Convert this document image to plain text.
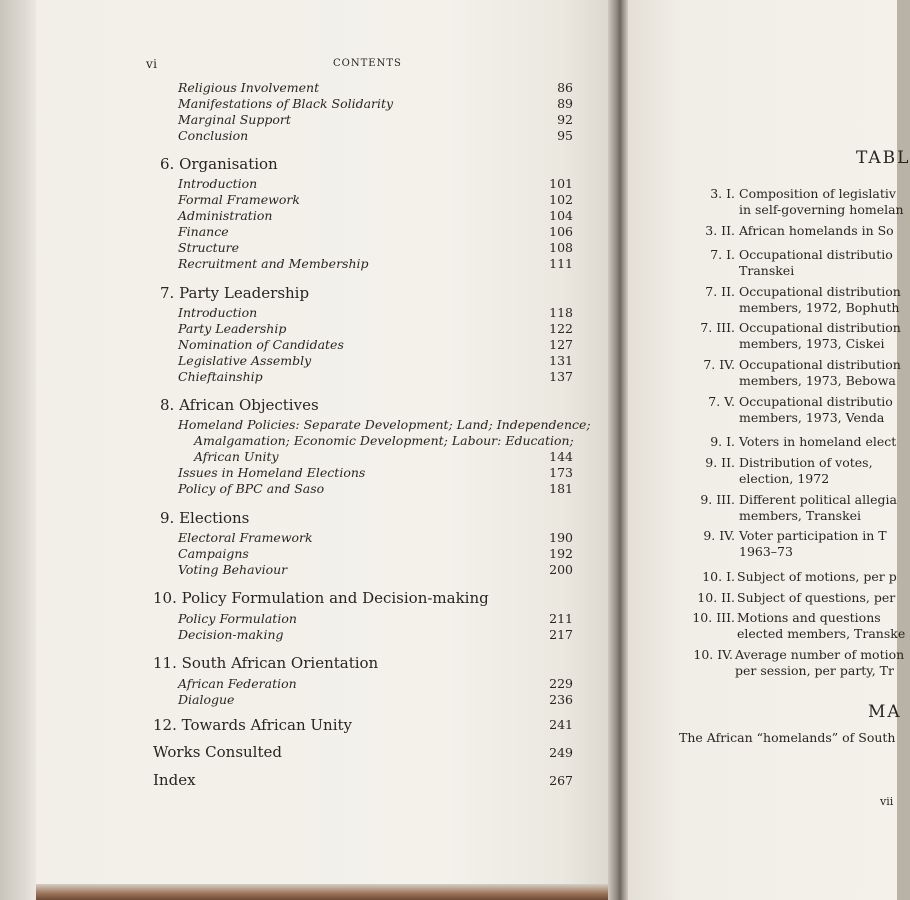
vi	CONTENTS
Religious Involvement	86
Manifestations of Black Solidarity	89
Marginal Support	92
Conclusion	95
6. Organisation
Introduction	101
Formal Framework	102
Administration	104
Finance	106
Structure	108
Recruitment and Membership	111
7. Party Leadership
Introduction	118
Party Leadership	122
Nomination of Candidates	127
Legislative Assembly	131
Chieftainship	137
8. African Objectives
Homeland Policies: Separate Development; Land; Independence;
Amalgamation; Economic Development; Labour: Education;
African Unity	144
Issues in Homeland Elections	173
Policy of BPC and Saso	181
9. Elections
Electoral Framework	190
Campaigns	192
Voting Behaviour	200
10. Policy Formulation and Decision-making
Policy Formulation	211
Decision-making	217
11. South African Orientation
African Federation	229
Dialogue	236
12. Towards African Unity	241
Works Consulted	249
Index	267
TABL
3. I. Composition of legislativ
in self-governing homelan
3. II. African homelands in So
7. I. Occupational distributio
Transkei
7. II. Occupational distribution
members, 1972, Bophuth
7. III. Occupational distribution
members, 1973, Ciskei
7. IV. Occupational distribution
members, 1973, Bebowa
7. V. Occupational distributio
members, 1973, Venda
9. I. Voters in homeland elect
9. II. Distribution of votes,
election, 1972
9. III. Different political allegia
members, Transkei
9. IV. Voter participation in T
1963–73
10. I. Subject of motions, per p
10. II. Subject of questions, per
10. III. Motions and questions
elected members, Transke
10. IV. Average number of motion
per session, per party, Tr
MA
The African “homelands” of South
vii
